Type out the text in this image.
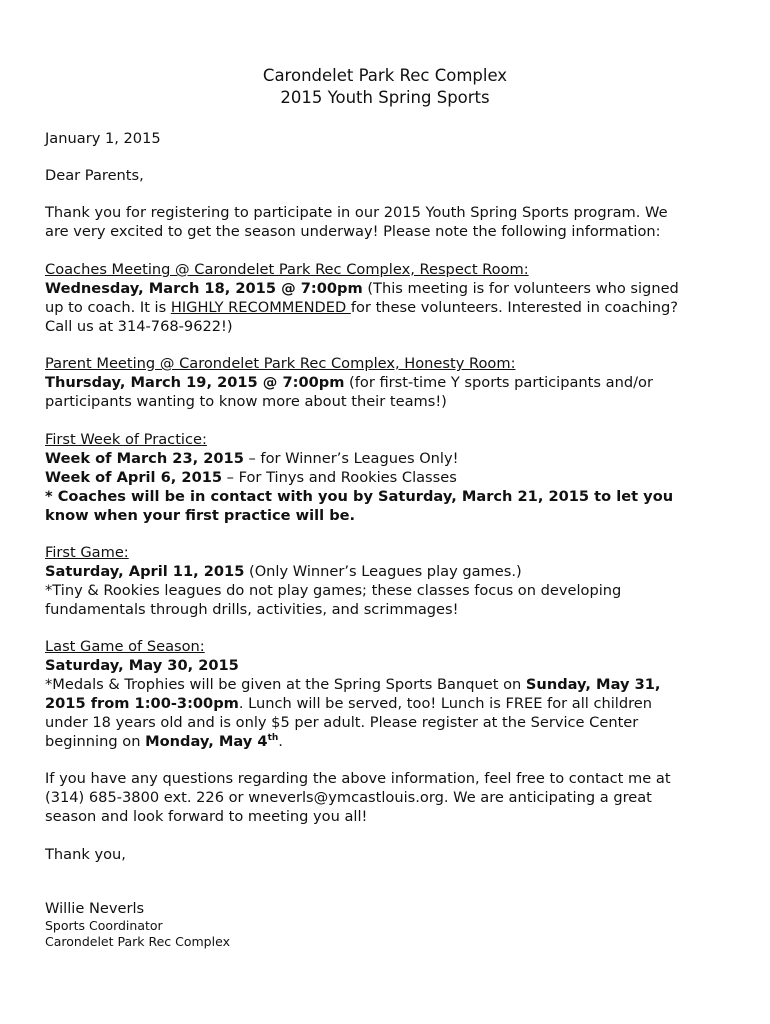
Carondelet Park Rec Complex
2015 Youth Spring Sports
January 1, 2015
Dear Parents,
Thank you for registering to participate in our 2015 Youth Spring Sports program. We
are very excited to get the season underway! Please note the following information:
Coaches Meeting @ Carondelet Park Rec Complex, Respect Room:
Wednesday, March 18, 2015 @ 7:00pm (This meeting is for volunteers who signed
up to coach. It is HIGHLY RECOMMENDED for these volunteers. Interested in coaching?
Call us at 314-768-9622!)
Parent Meeting @ Carondelet Park Rec Complex, Honesty Room:
Thursday, March 19, 2015 @ 7:00pm (for first-time Y sports participants and/or
participants wanting to know more about their teams!)
First Week of Practice:
Week of March 23, 2015 – for Winner’s Leagues Only!
Week of April 6, 2015 – For Tinys and Rookies Classes
* Coaches will be in contact with you by Saturday, March 21, 2015 to let you
know when your first practice will be.
First Game:
Saturday, April 11, 2015 (Only Winner’s Leagues play games.)
*Tiny & Rookies leagues do not play games; these classes focus on developing
fundamentals through drills, activities, and scrimmages!
Last Game of Season:
Saturday, May 30, 2015
*Medals & Trophies will be given at the Spring Sports Banquet on Sunday, May 31,
2015 from 1:00-3:00pm. Lunch will be served, too! Lunch is FREE for all children
under 18 years old and is only $5 per adult. Please register at the Service Center
beginning on Monday, May 4th.
If you have any questions regarding the above information, feel free to contact me at
(314) 685-3800 ext. 226 or wneverls@ymcastlouis.org. We are anticipating a great
season and look forward to meeting you all!
Thank you,
Willie Neverls
Sports Coordinator
Carondelet Park Rec Complex
